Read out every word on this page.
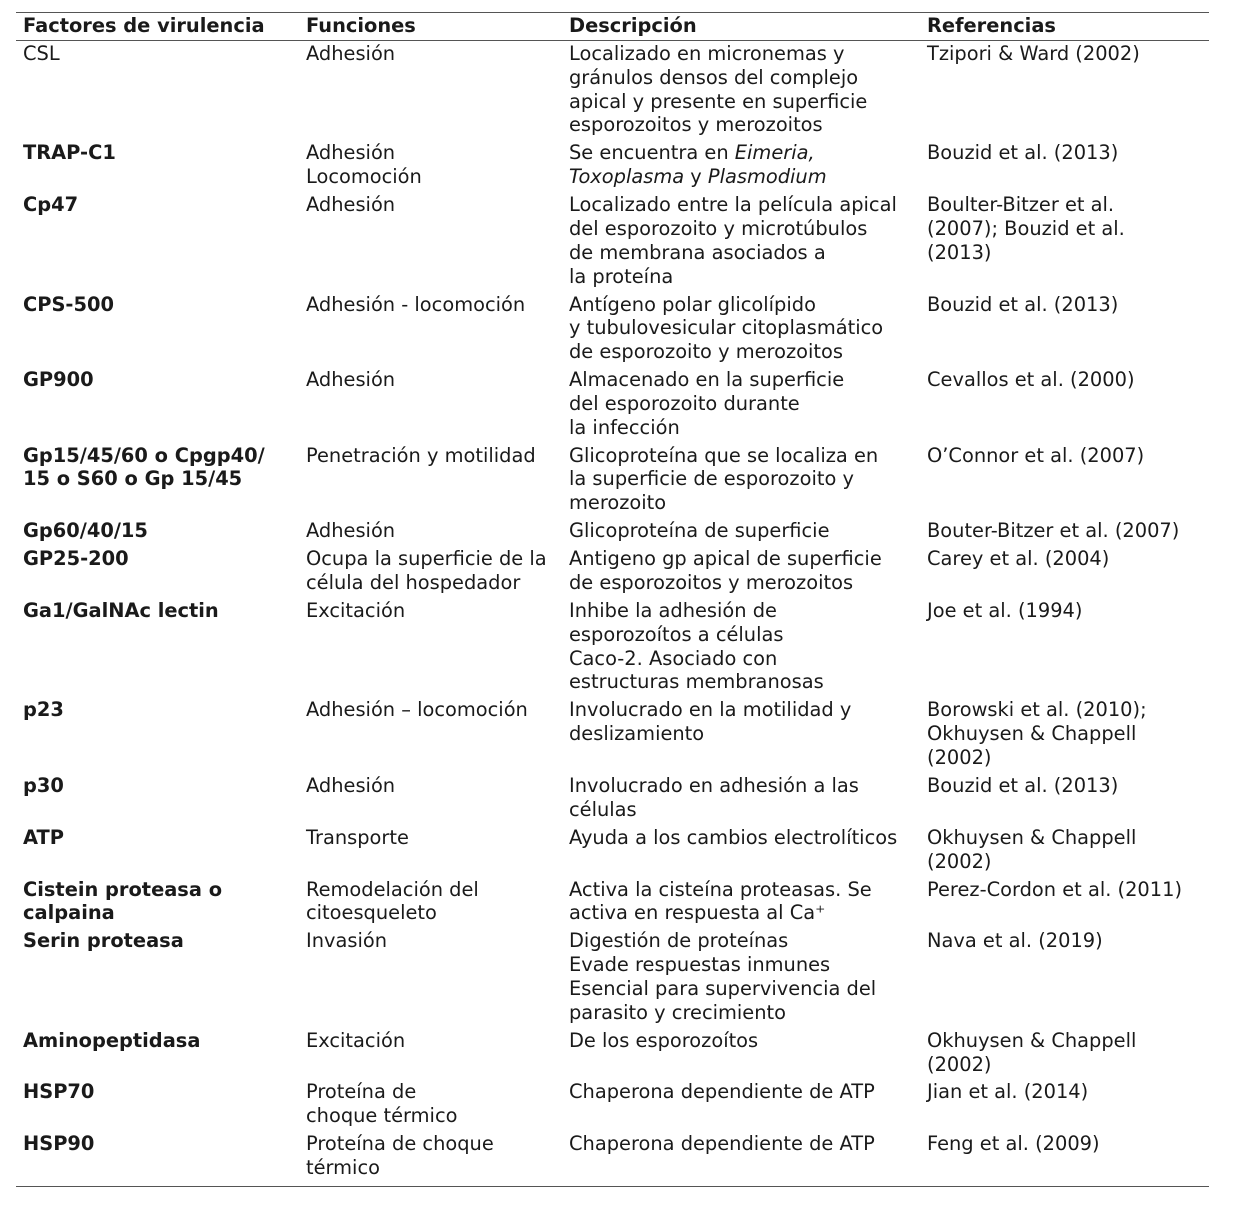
Factores de virulencia	Funciones	Descripción	Referencias

CSL	Adhesión	Localizado en micronemas y
gránulos densos del complejo
apical y presente en superficie
esporozoitos y merozoitos	Tzipori & Ward (2002)

TRAP-C1	Adhesión
Locomoción	Se encuentra en Eimeria,
Toxoplasma y Plasmodium	Bouzid et al. (2013)

Cp47	Adhesión	Localizado entre la película apical
del esporozoito y microtúbulos
de membrana asociados a
la proteína	Boulter-Bitzer et al.
(2007); Bouzid et al.
(2013)

CPS-500	Adhesión - locomoción	Antígeno polar glicolípido
y tubulovesicular citoplasmático
de esporozoito y merozoitos	Bouzid et al. (2013)

GP900	Adhesión	Almacenado en la superficie
del esporozoito durante
la infección	Cevallos et al. (2000)

Gp15/45/60 o Cpgp40/
15 o S60 o Gp 15/45	Penetración y motilidad	Glicoproteína que se localiza en
la superficie de esporozoito y
merozoito	O’Connor et al. (2007)

Gp60/40/15	Adhesión	Glicoproteína de superficie	Bouter-Bitzer et al. (2007)

GP25-200	Ocupa la superficie de la
célula del hospedador	Antigeno gp apical de superficie
de esporozoitos y merozoitos	Carey et al. (2004)

Ga1/GalNAc lectin	Excitación	Inhibe la adhesión de
esporozoítos a células
Caco-2. Asociado con
estructuras membranosas	Joe et al. (1994)

p23	Adhesión – locomoción	Involucrado en la motilidad y
deslizamiento	Borowski et al. (2010);
Okhuysen & Chappell
(2002)

p30	Adhesión	Involucrado en adhesión a las
células	Bouzid et al. (2013)

ATP	Transporte	Ayuda a los cambios electrolíticos	Okhuysen & Chappell
(2002)

Cistein proteasa o
calpaina	Remodelación del
citoesqueleto	Activa la cisteína proteasas. Se
activa en respuesta al Ca⁺	Perez-Cordon et al. (2011)

Serin proteasa	Invasión	Digestión de proteínas
Evade respuestas inmunes
Esencial para supervivencia del
parasito y crecimiento	Nava et al. (2019)

Aminopeptidasa	Excitación	De los esporozoítos	Okhuysen & Chappell
(2002)

HSP70	Proteína de
choque térmico	Chaperona dependiente de ATP	Jian et al. (2014)

HSP90	Proteína de choque
térmico	Chaperona dependiente de ATP	Feng et al. (2009)
